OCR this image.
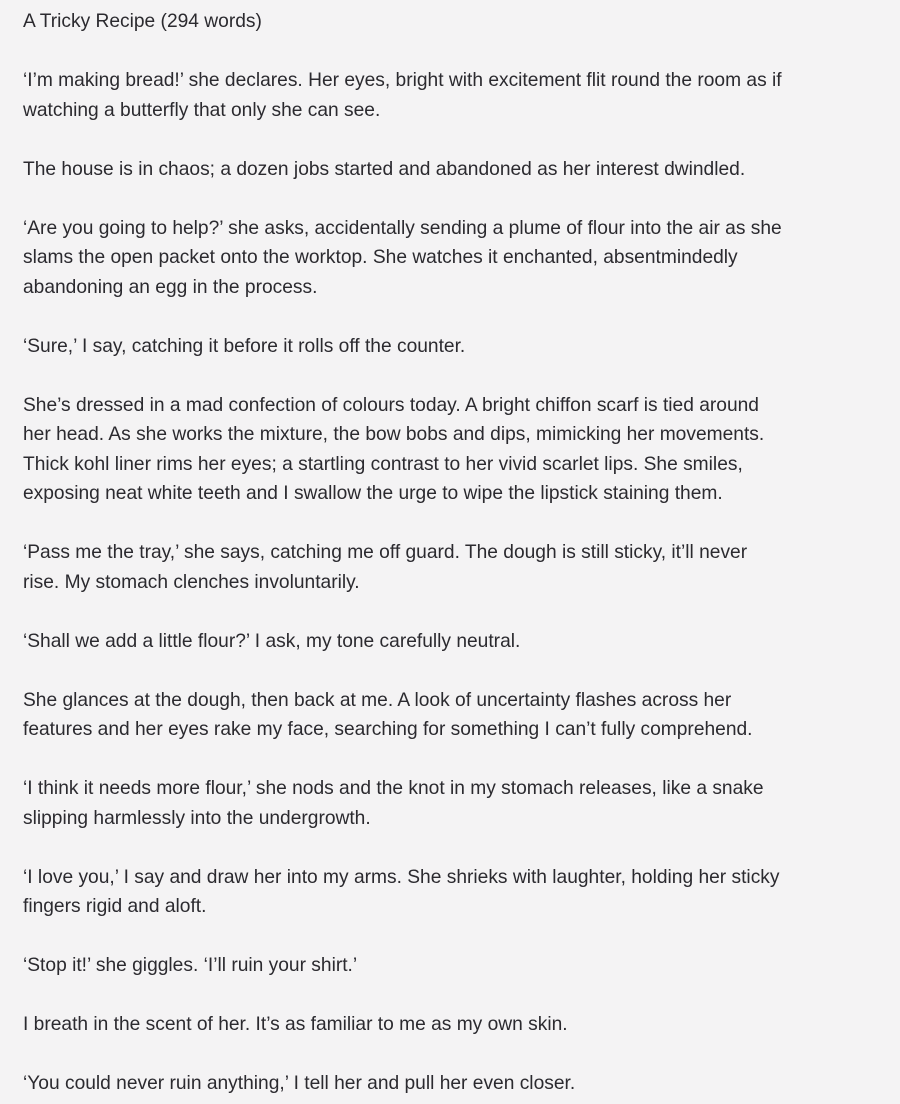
A Tricky Recipe (294 words)

‘I’m making bread!’ she declares. Her eyes, bright with excitement flit round the room as if
watching a butterfly that only she can see.

The house is in chaos; a dozen jobs started and abandoned as her interest dwindled.

‘Are you going to help?’ she asks, accidentally sending a plume of flour into the air as she
slams the open packet onto the worktop. She watches it enchanted, absentmindedly
abandoning an egg in the process.

‘Sure,’ I say, catching it before it rolls off the counter.

She’s dressed in a mad confection of colours today. A bright chiffon scarf is tied around
her head. As she works the mixture, the bow bobs and dips, mimicking her movements.
Thick kohl liner rims her eyes; a startling contrast to her vivid scarlet lips. She smiles,
exposing neat white teeth and I swallow the urge to wipe the lipstick staining them.

‘Pass me the tray,’ she says, catching me off guard. The dough is still sticky, it’ll never
rise. My stomach clenches involuntarily.

‘Shall we add a little flour?’ I ask, my tone carefully neutral.

She glances at the dough, then back at me. A look of uncertainty flashes across her
features and her eyes rake my face, searching for something I can’t fully comprehend.

‘I think it needs more flour,’ she nods and the knot in my stomach releases, like a snake
slipping harmlessly into the undergrowth.

‘I love you,’ I say and draw her into my arms. She shrieks with laughter, holding her sticky
fingers rigid and aloft.

‘Stop it!’ she giggles. ‘I’ll ruin your shirt.’

I breath in the scent of her. It’s as familiar to me as my own skin.

‘You could never ruin anything,’ I tell her and pull her even closer.
